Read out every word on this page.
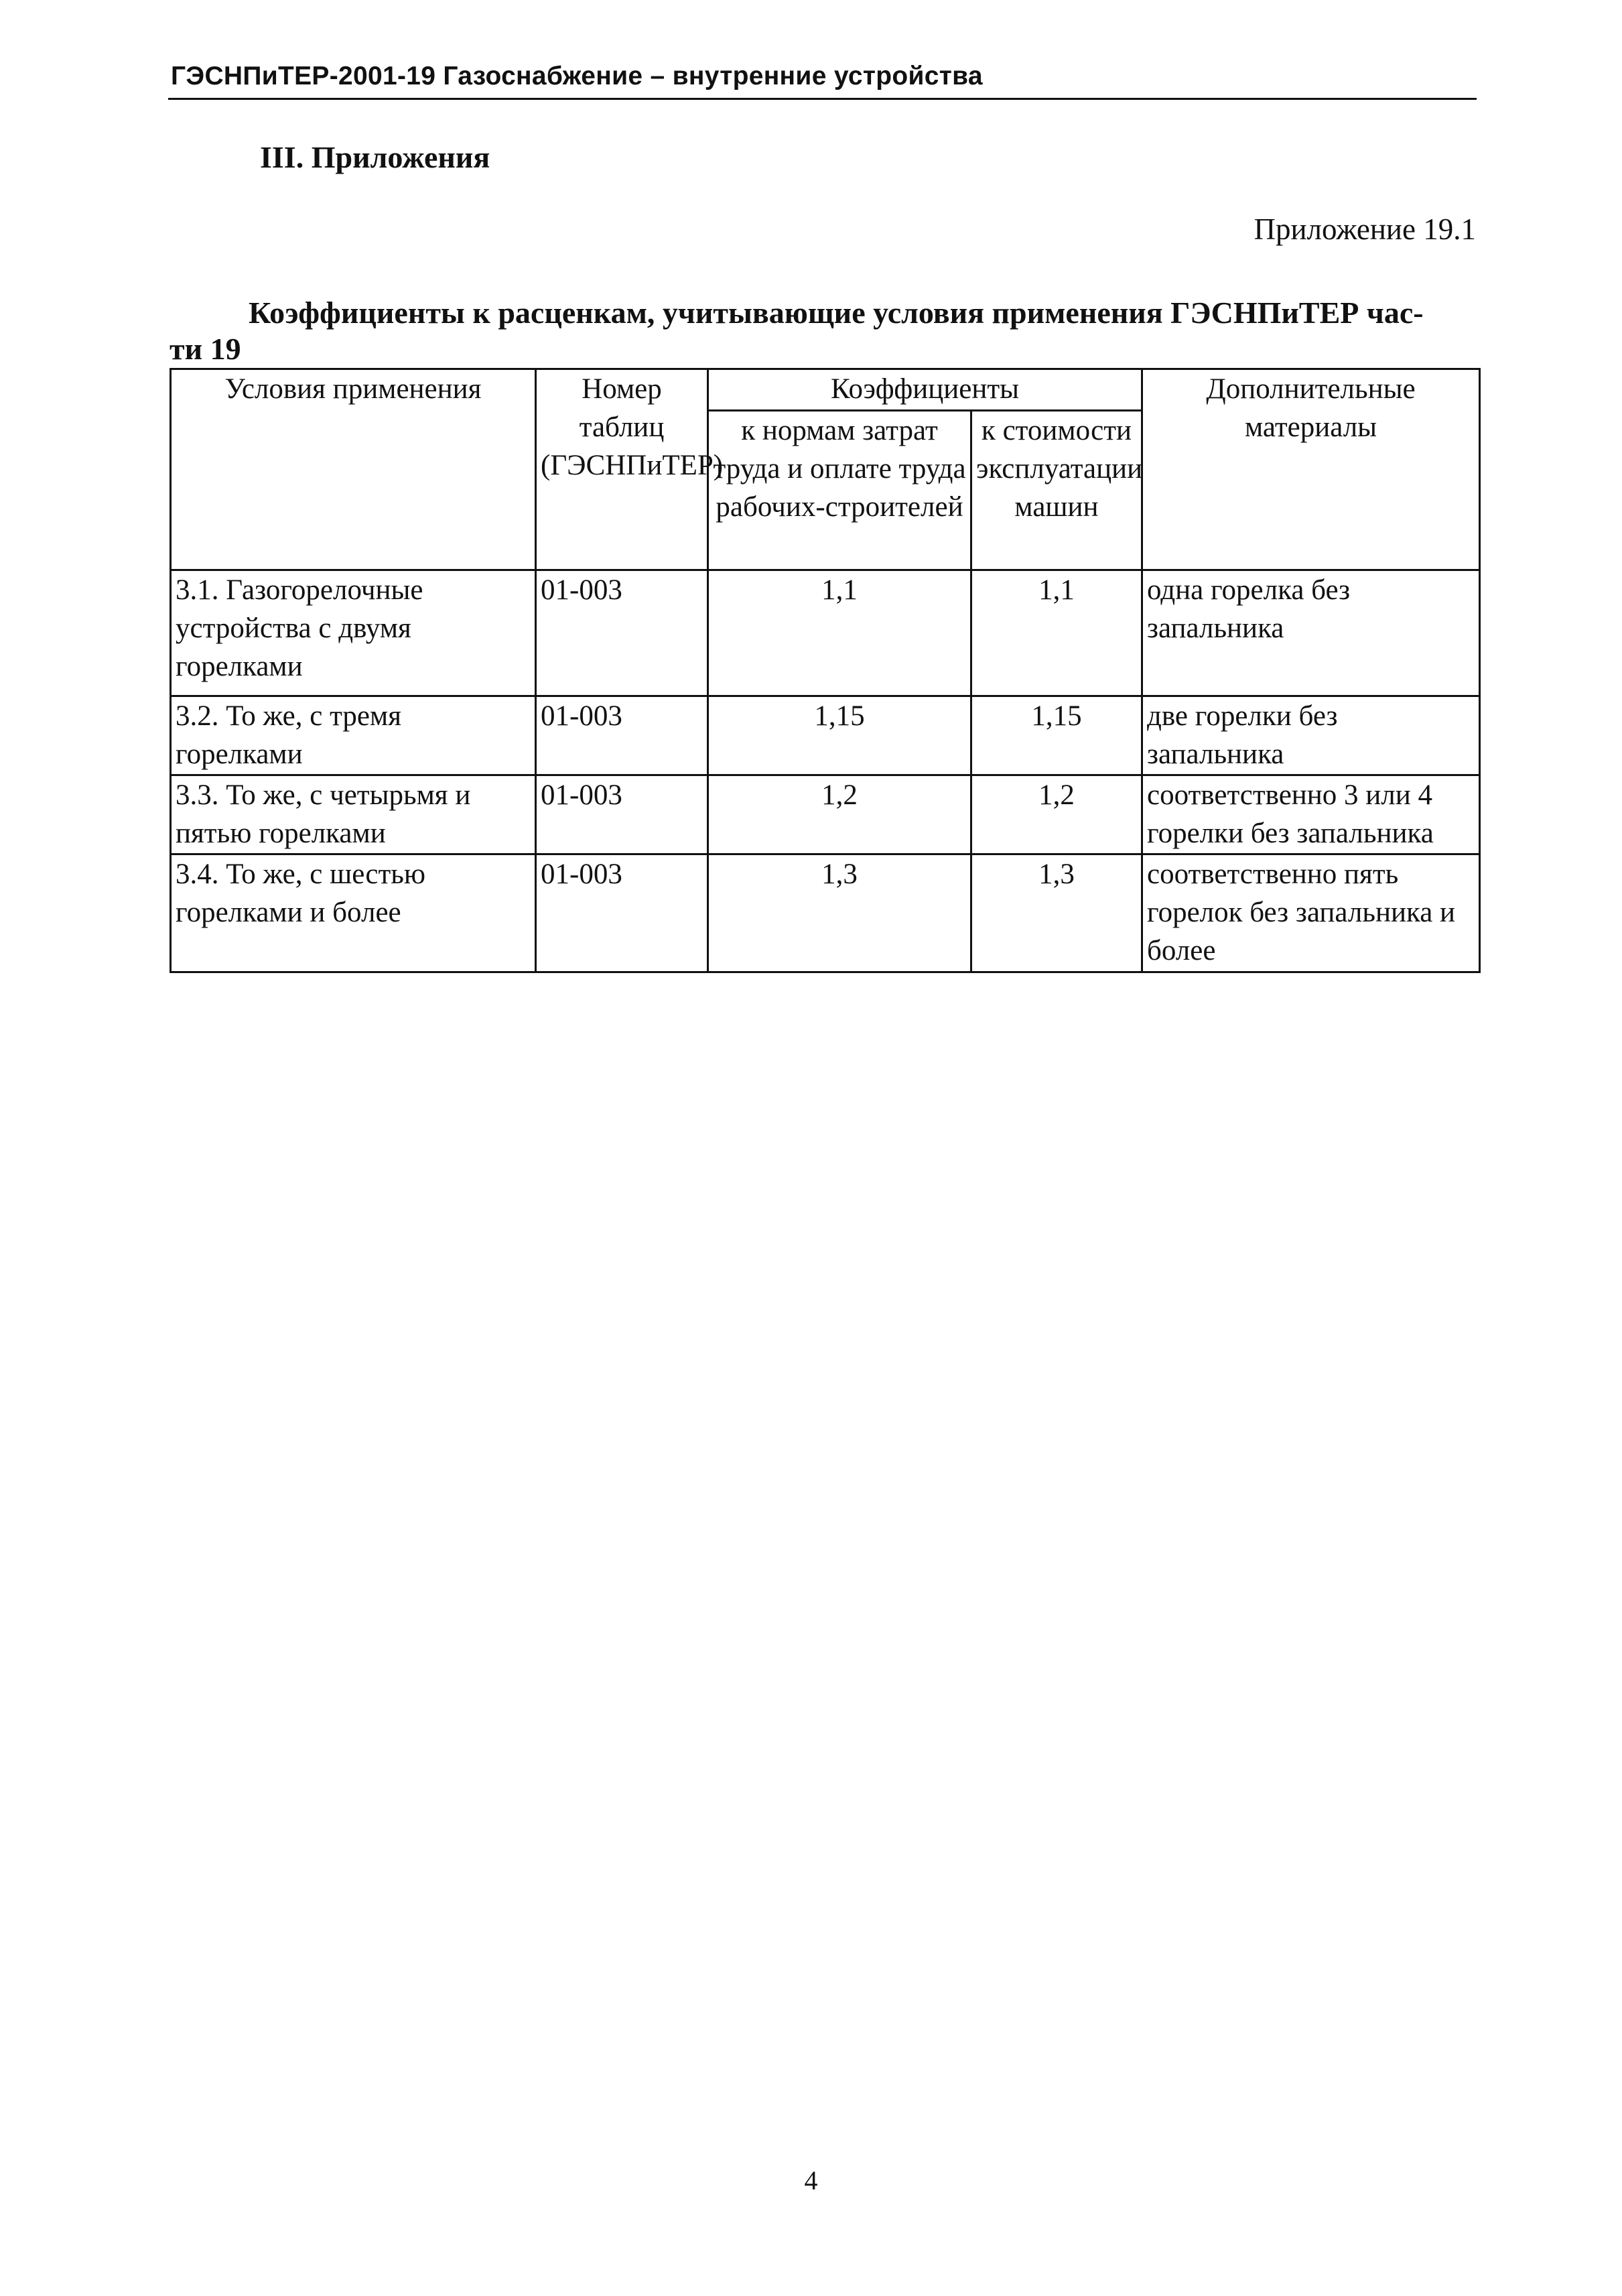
ГЭСНПиТЕР-2001-19 Газоснабжение – внутренние устройства
III. Приложения
Приложение 19.1
Коэффициенты к расценкам, учитывающие условия применения ГЭСНПиТЕР час-
ти 19
Условия применения	Номер таблиц (ГЭСНПиТЕР)	Коэффициенты		Дополнительные материалы
		к нормам затрат труда и оплате труда рабочих-строителей	к стоимости эксплуатации машин	
3.1. Газогорелочные устройства с двумя горелками	01-003	1,1	1,1	одна горелка без запальника
3.2. То же, с тремя горелками	01-003	1,15	1,15	две горелки без запальника
3.3. То же, с четырьмя и пятью горелками	01-003	1,2	1,2	соответственно 3 или 4 горелки без запальника
3.4. То же, с шестью горелками и более	01-003	1,3	1,3	соответственно пять горелок без запальника и более
4
